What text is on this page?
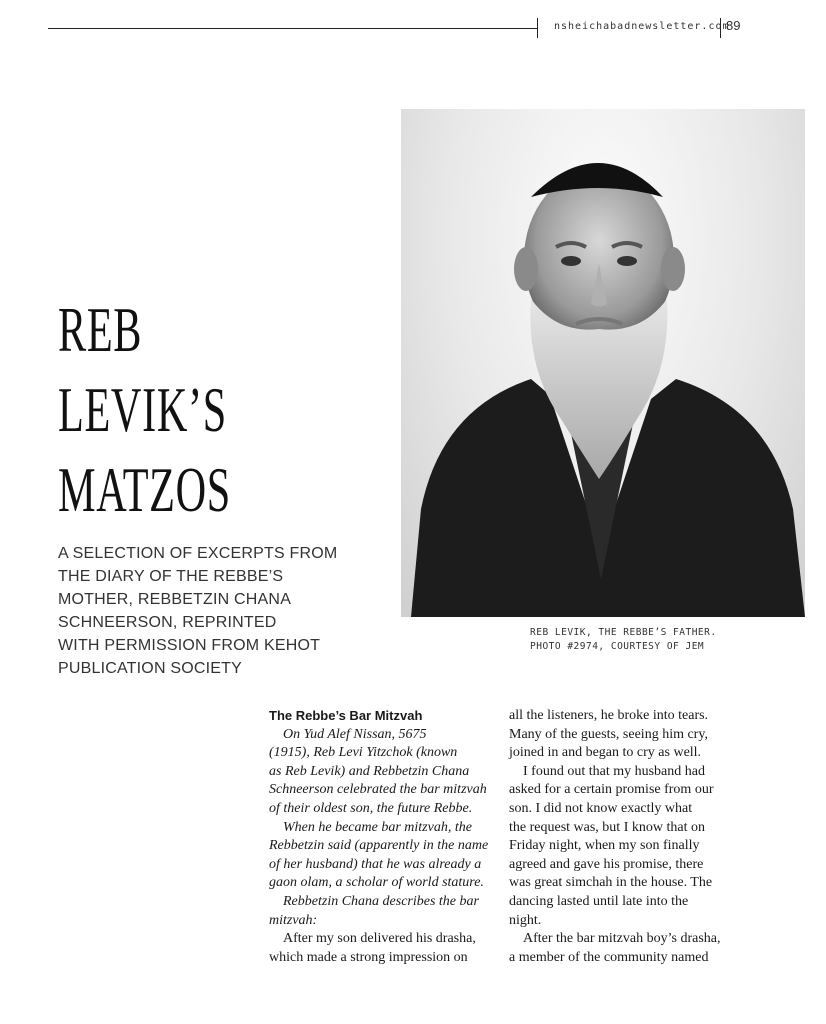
nsheichabadnewsletter.com
89
REB
LEVIK’S
MATZOS
A SELECTION OF EXCERPTS FROM
THE DIARY OF THE REBBE’S
MOTHER, REBBETZIN CHANA
SCHNEERSON, REPRINTED
WITH PERMISSION FROM KEHOT
PUBLICATION SOCIETY
REB LEVIK, THE REBBE’S FATHER.
PHOTO #2974, COURTESY OF JEM
The Rebbe’s Bar Mitzvah
On Yud Alef Nissan, 5675
(1915), Reb Levi Yitzchok (known
as Reb Levik) and Rebbetzin Chana
Schneerson celebrated the bar mitzvah
of their oldest son, the future Rebbe.
When he became bar mitzvah, the
Rebbetzin said (apparently in the name
of her husband) that he was already a
gaon olam, a scholar of world stature.
Rebbetzin Chana describes the bar
mitzvah:
After my son delivered his drasha,
which made a strong impression on
all the listeners, he broke into tears.
Many of the guests, seeing him cry,
joined in and began to cry as well.
I found out that my husband had
asked for a certain promise from our
son. I did not know exactly what
the request was, but I know that on
Friday night, when my son finally
agreed and gave his promise, there
was great simchah in the house. The
dancing lasted until late into the
night.
After the bar mitzvah boy’s drasha,
a member of the community named
